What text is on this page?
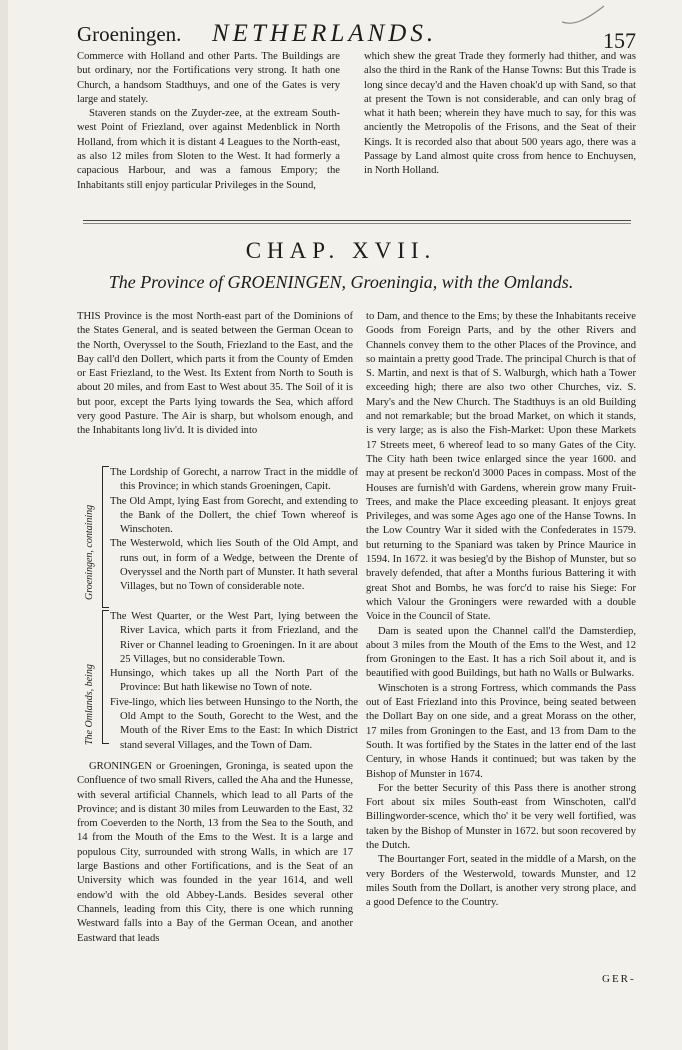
Groeningen. NETHERLANDS.	157

Commerce with Holland and other Parts. The Buildings are but ordinary, nor the Fortifications very strong. It hath one Church, a handsom Stadthuys, and one of the Gates is very large and stately.

Staveren stands on the Zuyder-zee, at the extream South-west Point of Friezland, over against Medenblick in North Holland, from which it is distant 4 Leagues to the North-east, as also 12 miles from Sloten to the West. It had formerly a capacious Harbour, and was a famous Empory; the Inhabitants still enjoy particular Privileges in the Sound,

which shew the great Trade they formerly had thither, and was also the third in the Rank of the Hanse Towns: But this Trade is long since decay'd and the Haven choak'd up with Sand, so that at present the Town is not considerable, and can only brag of what it hath been; wherein they have much to say, for this was anciently the Metropolis of the Frisons, and the Seat of their Kings. It is recorded also that about 500 years ago, there was a Passage by Land almost quite cross from hence to Enchuysen, in North Holland.

CHAP. XVII.
The Province of GROENINGEN, Groeningia, with the Omlands.

THIS Province is the most North-east part of the Dominions of the States General, and is seated between the German Ocean to the North, Overyssel to the South, Friezland to the East, and the Bay call'd den Dollert, which parts it from the County of Emden or East Friezland, to the West. Its Extent from North to South is about 20 miles, and from East to West about 35. The Soil of it is but poor, except the Parts lying towards the Sea, which afford very good Pasture. The Air is sharp, but wholsom enough, and the Inhabitants long liv'd. It is divided into

Groeningen, containing

The Lordship of Gorecht, a narrow Tract in the middle of this Province; in which stands Groeningen, Capit.

The Old Ampt, lying East from Gorecht, and extending to the Bank of the Dollert, the chief Town whereof is Winschoten.

The Westerwold, which lies South of the Old Ampt, and runs out, in form of a Wedge, between the Drente of Overyssel and the North part of Munster. It hath several Villages, but no Town of considerable note.

The Omlands, being

The West Quarter, or the West Part, lying between the River Lavica, which parts it from Friezland, and the River or Channel leading to Groeningen. In it are about 25 Villages, but no considerable Town.

Hunsingo, which takes up all the North Part of the Province: But hath likewise no Town of note.

Five-lingo, which lies between Hunsingo to the North, the Old Ampt to the South, Gorecht to the West, and the Mouth of the River Ems to the East: In which District stand several Villages, and the Town of Dam.

GRONINGEN or Groeningen, Groninga, is seated upon the Confluence of two small Rivers, called the Aha and the Hunesse, with several artificial Channels, which lead to all Parts of the Province; and is distant 30 miles from Leuwarden to the East, 32 from Coeverden to the North, 13 from the Sea to the South, and 14 from the Mouth of the Ems to the West. It is a large and populous City, surrounded with strong Walls, in which are 17 large Bastions and other Fortifications, and is the Seat of an University which was founded in the year 1614, and well endow'd with the old Abbey-Lands. Besides several other Channels, leading from this City, there is one which running Westward falls into a Bay of the German Ocean, and another Eastward that leads

to Dam, and thence to the Ems; by these the Inhabitants receive Goods from Foreign Parts, and by the other Rivers and Channels convey them to the other Places of the Province, and so maintain a pretty good Trade. The principal Church is that of S. Martin, and next is that of S. Walburgh, which hath a Tower exceeding high; there are also two other Churches, viz. S. Mary's and the New Church. The Stadthuys is an old Building and not remarkable; but the broad Market, on which it stands, is very large; as is also the Fish-Market: Upon these Markets 17 Streets meet, 6 whereof lead to so many Gates of the City. The City hath been twice enlarged since the year 1600. and may at present be reckon'd 3000 Paces in compass. Most of the Houses are furnish'd with Gardens, wherein grow many Fruit-Trees, and make the Place exceeding pleasant. It enjoys great Privileges, and was some Ages ago one of the Hanse Towns. In the Low Country War it sided with the Confederates in 1579. but returning to the Spaniard was taken by Prince Maurice in 1594. In 1672. it was besieg'd by the Bishop of Munster, but so bravely defended, that after a Months furious Battering it with great Shot and Bombs, he was forc'd to raise his Siege: For which Valour the Groningers were rewarded with a double Voice in the Council of State.

Dam is seated upon the Channel call'd the Damsterdiep, about 3 miles from the Mouth of the Ems to the West, and 12 from Groningen to the East. It has a rich Soil about it, and is beautified with good Buildings, but hath no Walls or Bulwarks.

Winschoten is a strong Fortress, which commands the Pass out of East Friezland into this Province, being seated between the Dollart Bay on one side, and a great Morass on the other, 17 miles from Groningen to the East, and 13 from Dam to the South. It was fortified by the States in the latter end of the last Century, in whose Hands it continued; but was taken by the Bishop of Munster in 1674.

For the better Security of this Pass there is another strong Fort about six miles South-east from Winschoten, call'd Billingworder-scence, which tho' it be very well fortified, was taken by the Bishop of Munster in 1672. but soon recovered by the Dutch.

The Bourtanger Fort, seated in the middle of a Marsh, on the very Borders of the Westerwold, towards Munster, and 12 miles South from the Dollart, is another very strong place, and a good Defence to the Country.

GER-
